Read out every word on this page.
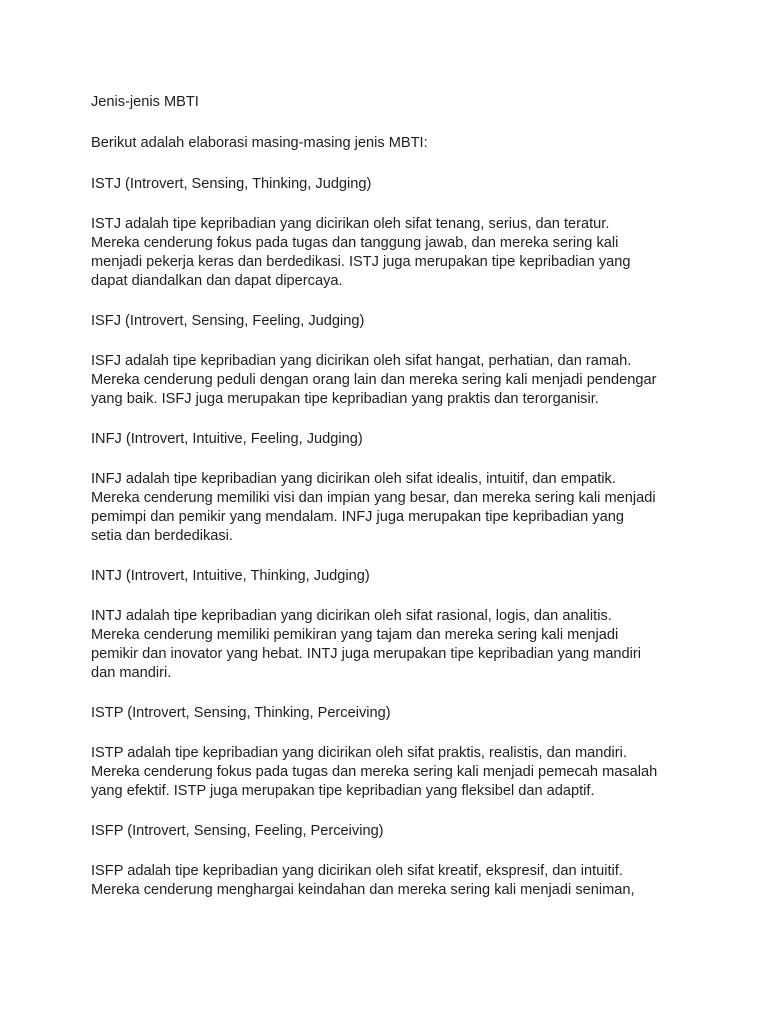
Jenis-jenis MBTI

Berikut adalah elaborasi masing-masing jenis MBTI:

ISTJ (Introvert, Sensing, Thinking, Judging)

ISTJ adalah tipe kepribadian yang dicirikan oleh sifat tenang, serius, dan teratur.
Mereka cenderung fokus pada tugas dan tanggung jawab, dan mereka sering kali
menjadi pekerja keras dan berdedikasi. ISTJ juga merupakan tipe kepribadian yang
dapat diandalkan dan dapat dipercaya.

ISFJ (Introvert, Sensing, Feeling, Judging)

ISFJ adalah tipe kepribadian yang dicirikan oleh sifat hangat, perhatian, dan ramah.
Mereka cenderung peduli dengan orang lain dan mereka sering kali menjadi pendengar
yang baik. ISFJ juga merupakan tipe kepribadian yang praktis dan terorganisir.

INFJ (Introvert, Intuitive, Feeling, Judging)

INFJ adalah tipe kepribadian yang dicirikan oleh sifat idealis, intuitif, dan empatik.
Mereka cenderung memiliki visi dan impian yang besar, dan mereka sering kali menjadi
pemimpi dan pemikir yang mendalam. INFJ juga merupakan tipe kepribadian yang
setia dan berdedikasi.

INTJ (Introvert, Intuitive, Thinking, Judging)

INTJ adalah tipe kepribadian yang dicirikan oleh sifat rasional, logis, dan analitis.
Mereka cenderung memiliki pemikiran yang tajam dan mereka sering kali menjadi
pemikir dan inovator yang hebat. INTJ juga merupakan tipe kepribadian yang mandiri
dan mandiri.

ISTP (Introvert, Sensing, Thinking, Perceiving)

ISTP adalah tipe kepribadian yang dicirikan oleh sifat praktis, realistis, dan mandiri.
Mereka cenderung fokus pada tugas dan mereka sering kali menjadi pemecah masalah
yang efektif. ISTP juga merupakan tipe kepribadian yang fleksibel dan adaptif.

ISFP (Introvert, Sensing, Feeling, Perceiving)

ISFP adalah tipe kepribadian yang dicirikan oleh sifat kreatif, ekspresif, dan intuitif.
Mereka cenderung menghargai keindahan dan mereka sering kali menjadi seniman,
